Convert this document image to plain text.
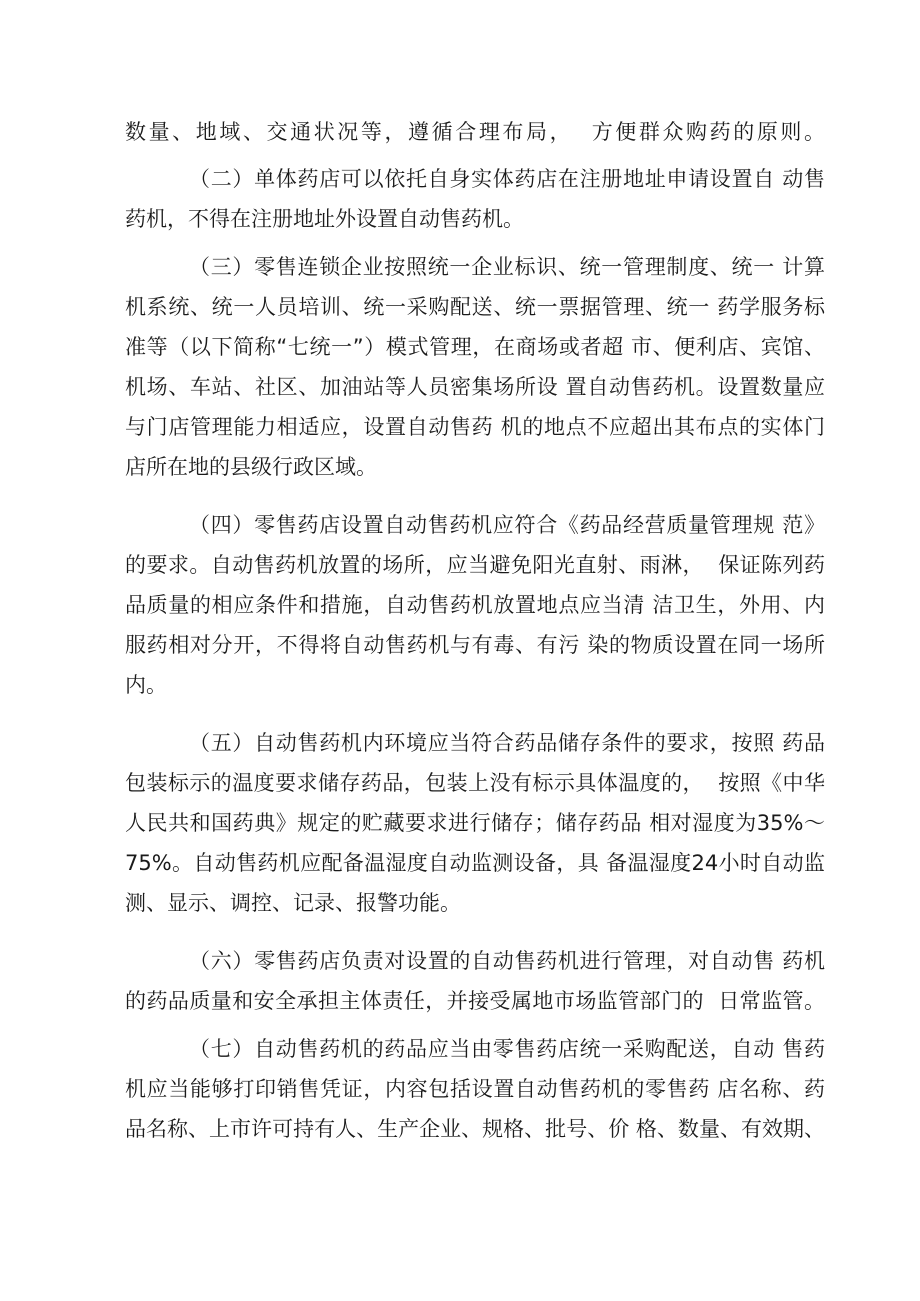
数量、地域、交通状况等，遵循合理布局，  方便群众购药的原则。
（二）单体药店可以依托自身实体药店在注册地址申请设置自 动售
药机，不得在注册地址外设置自动售药机。
（三）零售连锁企业按照统一企业标识、统一管理制度、统一 计算
机系统、统一人员培训、统一采购配送、统一票据管理、统一 药学服务标
准等（以下简称“七统一”）模式管理，在商场或者超 市、便利店、宾馆、
机场、车站、社区、加油站等人员密集场所设 置自动售药机。设置数量应
与门店管理能力相适应，设置自动售药 机的地点不应超出其布点的实体门
店所在地的县级行政区域。
（四）零售药店设置自动售药机应符合《药品经营质量管理规 范》
的要求。自动售药机放置的场所，应当避免阳光直射、雨淋，  保证陈列药
品质量的相应条件和措施，自动售药机放置地点应当清 洁卫生，外用、内
服药相对分开，不得将自动售药机与有毒、有污 染的物质设置在同一场所
内。
（五）自动售药机内环境应当符合药品储存条件的要求，按照 药品
包装标示的温度要求储存药品，包装上没有标示具体温度的，  按照《中华
人民共和国药典》规定的贮藏要求进行储存；储存药品 相对湿度为35%～
75%。自动售药机应配备温湿度自动监测设备，具 备温湿度24小时自动监
测、显示、调控、记录、报警功能。
（六）零售药店负责对设置的自动售药机进行管理，对自动售 药机
的药品质量和安全承担主体责任，并接受属地市场监管部门的  日常监管。
（七）自动售药机的药品应当由零售药店统一采购配送，自动 售药
机应当能够打印销售凭证，内容包括设置自动售药机的零售药 店名称、药
品名称、上市许可持有人、生产企业、规格、批号、价 格、数量、有效期、
